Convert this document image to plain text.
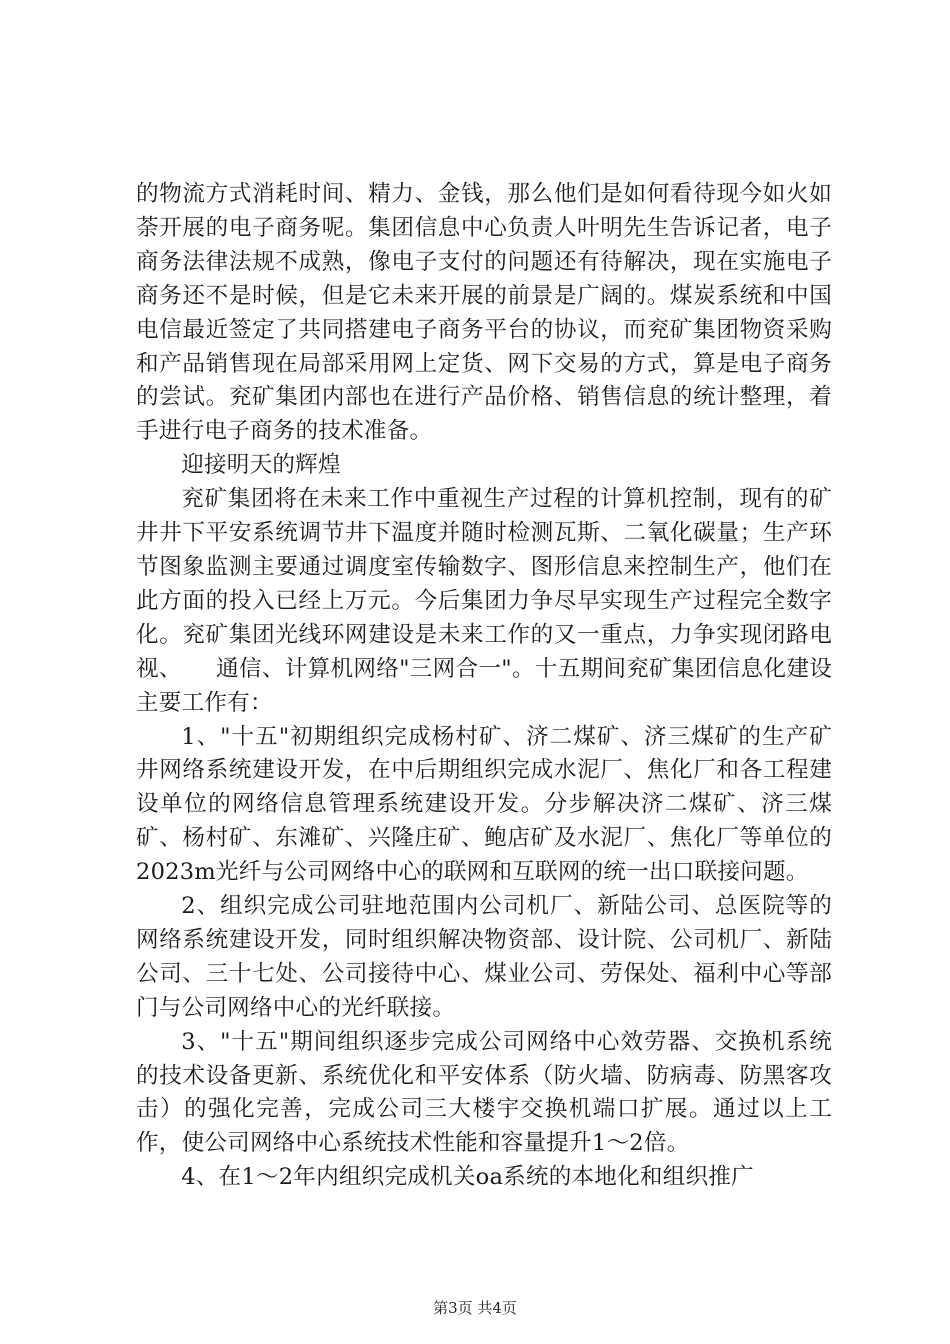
的物流方式消耗时间、精力、金钱，那么他们是如何看待现今如火如荼开展的电子商务呢。集团信息中心负责人叶明先生告诉记者，电子商务法律法规不成熟，像电子支付的问题还有待解决，现在实施电子商务还不是时候，但是它未来开展的前景是广阔的。煤炭系统和中国电信最近签定了共同搭建电子商务平台的协议，而兖矿集团物资采购和产品销售现在局部采用网上定货、网下交易的方式，算是电子商务的尝试。兖矿集团内部也在进行产品价格、销售信息的统计整理，着手进行电子商务的技术准备。

迎接明天的辉煌

兖矿集团将在未来工作中重视生产过程的计算机控制，现有的矿井井下平安系统调节井下温度并随时检测瓦斯、二氧化碳量；生产环节图象监测主要通过调度室传输数字、图形信息来控制生产，他们在此方面的投入已经上万元。今后集团力争尽早实现生产过程完全数字化。兖矿集团光线环网建设是未来工作的又一重点，力争实现闭路电视、　　通信、计算机网络"三网合一"。十五期间兖矿集团信息化建设主要工作有：

1、"十五"初期组织完成杨村矿、济二煤矿、济三煤矿的生产矿井网络系统建设开发，在中后期组织完成水泥厂、焦化厂和各工程建设单位的网络信息管理系统建设开发。分步解决济二煤矿、济三煤矿、杨村矿、东滩矿、兴隆庄矿、鲍店矿及水泥厂、焦化厂等单位的2023m光纤与公司网络中心的联网和互联网的统一出口联接问题。

2、组织完成公司驻地范围内公司机厂、新陆公司、总医院等的网络系统建设开发，同时组织解决物资部、设计院、公司机厂、新陆公司、三十七处、公司接待中心、煤业公司、劳保处、福利中心等部门与公司网络中心的光纤联接。

3、"十五"期间组织逐步完成公司网络中心效劳器、交换机系统的技术设备更新、系统优化和平安体系（防火墙、防病毒、防黑客攻击）的强化完善，完成公司三大楼宇交换机端口扩展。通过以上工作，使公司网络中心系统技术性能和容量提升1～2倍。

4、在1～2年内组织完成机关oa系统的本地化和组织推广

第3页 共4页
